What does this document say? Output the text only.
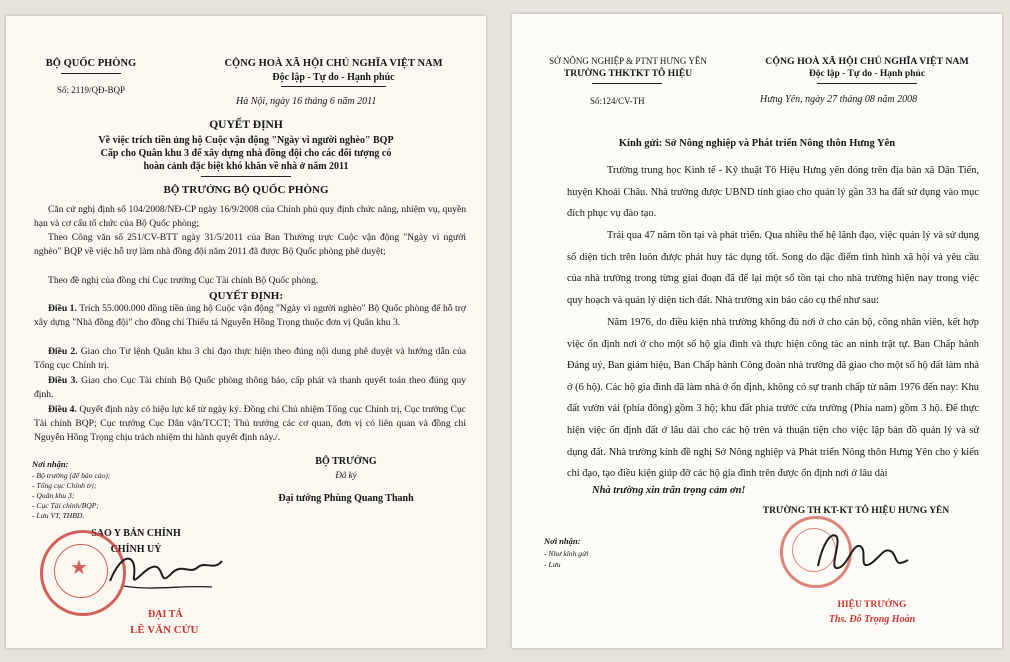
BỘ QUỐC PHÒNG
Số: 2119/QĐ-BQP
CỘNG HOÀ XÃ HỘI CHỦ NGHĨA VIỆT NAM
Độc lập - Tự do - Hạnh phúc
Hà Nội, ngày 16 tháng 6 năm 2011
QUYẾT ĐỊNH
Về việc trích tiền ủng hộ Cuộc vận động "Ngày vì người nghèo" BQP
Cấp cho Quân khu 3 để xây dựng nhà đồng đội cho các đối tượng có
hoàn cảnh đặc biệt khó khăn về nhà ở năm 2011
BỘ TRƯỞNG BỘ QUỐC PHÒNG
Căn cứ nghị định số 104/2008/NĐ-CP ngày 16/9/2008 của Chính phủ quy định chức năng, nhiệm vụ, quyền hạn và cơ cấu tổ chức của Bộ Quốc phòng;
Theo Công văn số 251/CV-BTT ngày 31/5/2011 của Ban Thường trực Cuộc vận động "Ngày vì người nghèo" BQP về việc hỗ trợ làm nhà đồng đội năm 2011 đã được Bộ Quốc phòng phê duyệt;
Theo đề nghị của đồng chí Cục trưởng Cục Tài chính Bộ Quốc phòng.
QUYẾT ĐỊNH:
Điều 1. Trích 55.000.000 đồng tiền ủng hộ Cuộc vận động "Ngày vì người nghèo" Bộ Quốc phòng để hỗ trợ xây dựng "Nhà đồng đội" cho đồng chí Thiếu tá Nguyễn Hồng Trọng thuộc đơn vị Quân khu 3.
Điều 2. Giao cho Tư lệnh Quân khu 3 chỉ đạo thực hiện theo đúng nội dung phê duyệt và hướng dẫn của Tổng cục Chính trị.
Điều 3. Giao cho Cục Tài chính Bộ Quốc phòng thông báo, cấp phát và thanh quyết toán theo đúng quy định.
Điều 4. Quyết định này có hiệu lực kể từ ngày ký. Đồng chí Chủ nhiệm Tổng cục Chính trị, Cục trưởng Cục Tài chính BQP; Cục trưởng Cục Dân vận/TCCT; Thủ trưởng các cơ quan, đơn vị có liên quan và đồng chí Nguyễn Hồng Trọng chịu trách nhiệm thi hành quyết định này./.
Nơi nhận:
- Bộ trưởng (để báo cáo);
- Tổng cục Chính trị;
- Quân khu 3;
- Cục Tài chính/BQP;
- Lưu VT, THBD.
BỘ TRƯỞNG
Đã ký
Đại tướng Phùng Quang Thanh
SAO Y BẢN CHÍNH
CHÍNH UỶ
★
ĐẠI TÁ
LÊ VĂN CỬU
SỞ NÔNG NGHIỆP & PTNT HƯNG YÊN
TRƯỜNG THKTKT TÔ HIỆU
Số:124/CV-TH
CỘNG HOÀ XÃ HỘI CHỦ NGHĨA VIỆT NAM
Độc lập - Tự do - Hạnh phúc
Hưng Yên, ngày 27 tháng 08 năm 2008
Kính gửi: Sở Nông nghiệp và Phát triển Nông thôn Hưng Yên
Trường trung học Kinh tế - Kỹ thuật Tô Hiệu Hưng yên đóng trên địa bàn xã Dân Tiến, huyện Khoái Châu. Nhà trường được UBND tỉnh giao cho quản lý gần 33 ha đất sử dụng vào mục đích phục vụ đào tạo.
Trải qua 47 năm tồn tại và phát triển. Qua nhiều thế hệ lãnh đạo, việc quản lý và sử dụng số diện tích trên luôn được phát huy tác dụng tốt. Song do đặc điểm tình hình xã hội và yêu cầu của nhà trường trong từng giai đoạn đã để lại một số tồn tại cho nhà trường hiện nay trong việc quy hoạch và quản lý diện tích đất. Nhà trường xin báo cáo cụ thể như sau:
Năm 1976, do điều kiện nhà trường không đủ nơi ở cho cán bộ, công nhân viên, kết hợp việc ổn định nơi ở cho một số hộ gia đình và thực hiện công tác an ninh trật tự. Ban Chấp hành Đảng uỷ, Ban giám hiệu, Ban Chấp hành Công đoàn nhà trường đã giao cho một số hộ đất làm nhà ở (6 hộ). Các hộ gia đình đã làm nhà ở ổn định, không có sự tranh chấp từ năm 1976 đến nay: Khu đất vườn vải (phía đông) gồm 3 hộ; khu đất phía trước cửa trường (Phía nam) gồm 3 hộ. Để thực hiện việc ổn định đất ở lâu dài cho các hộ trên và thuận tiện cho việc lập bản đồ quản lý và sử dụng đất. Nhà trường kính đề nghị Sở Nông nghiệp và Phát triển Nông thôn Hưng Yên cho ý kiến chỉ đạo, tạo điều kiện giúp đỡ các hộ gia đình trên được ổn định nơi ở lâu dài
Nhà trường xin trân trọng cảm ơn!
TRƯỜNG TH KT-KT TÔ HIỆU HƯNG YÊN
Nơi nhận:
- Như kính gửi
- Lưu
HIỆU TRƯỞNG
Ths. Đỗ Trọng Hoàn
